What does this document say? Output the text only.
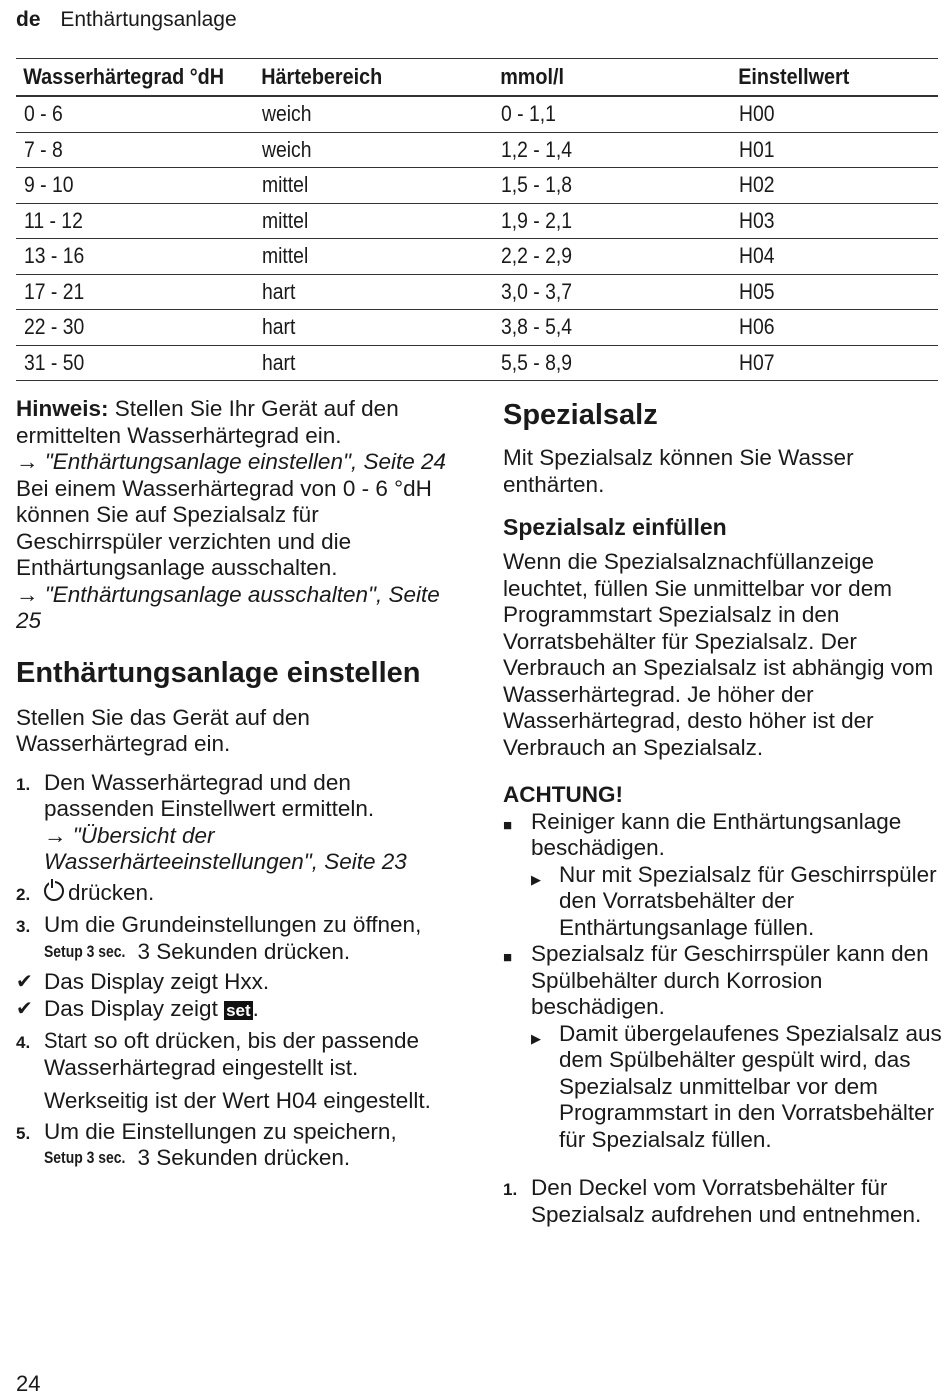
de Enthärtungsanlage
Wasserhärtegrad °dH	Härtebereich	mmol/l	Einstellwert
0 - 6	weich	0 - 1,1	H00
7 - 8	weich	1,2 - 1,4	H01
9 - 10	mittel	1,5 - 1,8	H02
11 - 12	mittel	1,9 - 2,1	H03
13 - 16	mittel	2,2 - 2,9	H04
17 - 21	hart	3,0 - 3,7	H05
22 - 30	hart	3,8 - 5,4	H06
31 - 50	hart	5,5 - 8,9	H07

Hinweis: Stellen Sie Ihr Gerät auf den ermittelten Wasserhärtegrad ein.

→ "Enthärtungsanlage einstellen", Seite 24

Bei einem Wasserhärtegrad von 0 - 6 °dH können Sie auf Spezialsalz für Geschirrspüler verzichten und die Enthärtungsanlage ausschalten.

→ "Enthärtungsanlage ausschalten", Seite 25

Enthärtungsanlage einstellen

Stellen Sie das Gerät auf den Wasserhärtegrad ein.

1. Den Wasserhärtegrad und den passenden Einstellwert ermitteln.
→ "Übersicht der Wasserhärteeinstellungen", Seite 23
2.	drücken.
3. Um die Grundeinstellungen zu öffnen, Setup 3 sec. 3 Sekunden drücken.
✔ Das Display zeigt Hxx.
✔ Das Display zeigt set.
4. Start so oft drücken, bis der passende Wasserhärtegrad eingestellt ist.

Werkseitig ist der Wert H04 eingestellt.

5. Um die Einstellungen zu speichern, Setup 3 sec. 3 Sekunden drücken.
Spezialsalz

Mit Spezialsalz können Sie Wasser enthärten.

Spezialsalz einfüllen

Wenn die Spezialsalznachfüllanzeige leuchtet, füllen Sie unmittelbar vor dem Programmstart Spezialsalz in den Vorratsbehälter für Spezialsalz. Der Verbrauch an Spezialsalz ist abhängig vom Wasserhärtegrad. Je höher der Wasserhärtegrad, desto höher ist der Verbrauch an Spezialsalz.

ACHTUNG!

■ Reiniger kann die Enthärtungsanlage beschädigen.
▶ Nur mit Spezialsalz für Geschirrspüler den Vorratsbehälter der Enthärtungsanlage füllen.
■ Spezialsalz für Geschirrspüler kann den Spülbehälter durch Korrosion beschädigen.
▶ Damit übergelaufenes Spezialsalz aus dem Spülbehälter gespült wird, das Spezialsalz unmittelbar vor dem Programmstart in den Vorratsbehälter für Spezialsalz füllen.
1. Den Deckel vom Vorratsbehälter für Spezialsalz aufdrehen und entnehmen.
24
